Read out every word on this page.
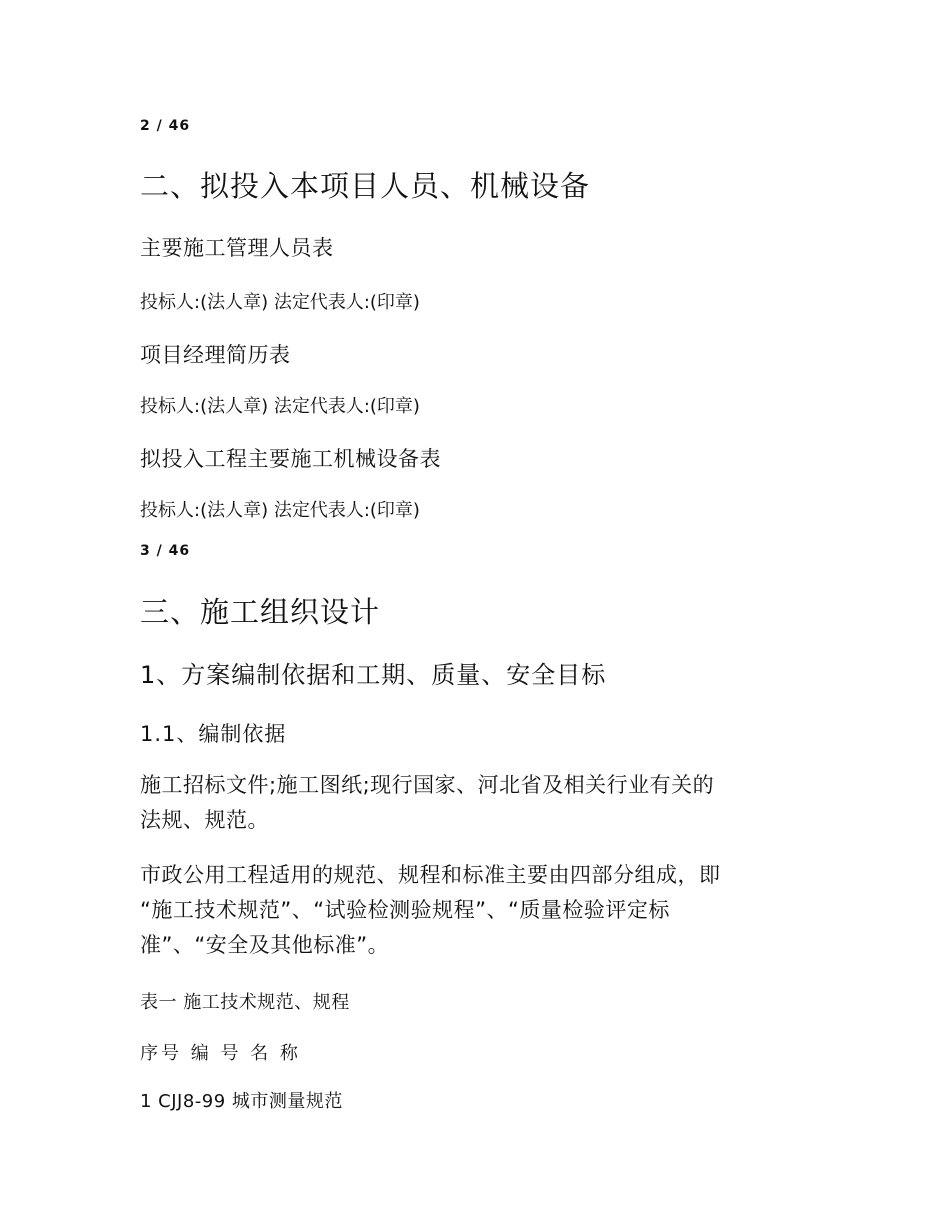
2 / 46
二、拟投入本项目人员、机械设备
主要施工管理人员表
投标人:(法人章) 法定代表人:(印章)
项目经理简历表
投标人:(法人章) 法定代表人:(印章)
拟投入工程主要施工机械设备表
投标人:(法人章) 法定代表人:(印章)
3 / 46
三、施工组织设计
1、方案编制依据和工期、质量、安全目标
1.1、编制依据
施工招标文件;施工图纸;现行国家、河北省及相关行业有关的
法规、规范。
市政公用工程适用的规范、规程和标准主要由四部分组成，即
“施工技术规范”、“试验检测验规程”、“质量检验评定标
准”、“安全及其他标准”。
表一 施工技术规范、规程
序号 编 号 名 称
1 CJJ8-99 城市测量规范
